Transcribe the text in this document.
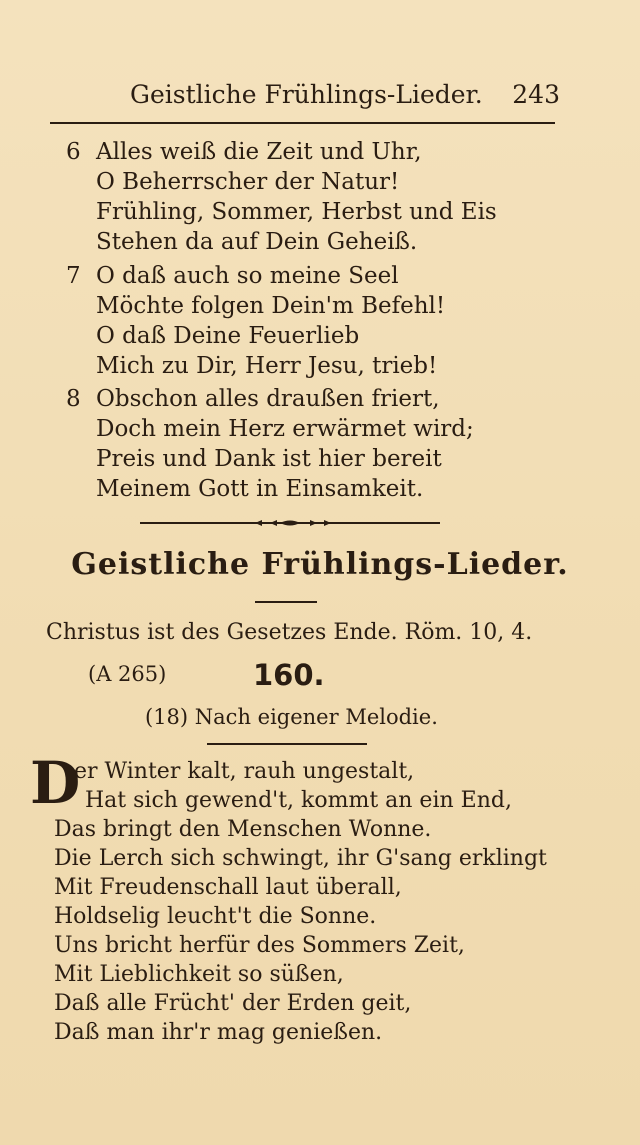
Geistliche Frühlings-Lieder. 243
6 Alles weiß die Zeit und Uhr,
O Beherrscher der Natur!
Frühling, Sommer, Herbst und Eis
Stehen da auf Dein Geheiß.
7 O daß auch so meine Seel
Möchte folgen Dein'm Befehl!
O daß Deine Feuerlieb
Mich zu Dir, Herr Jesu, trieb!
8 Obschon alles draußen friert,
Doch mein Herz erwärmet wird;
Preis und Dank ist hier bereit
Meinem Gott in Einsamkeit.
Geistliche Frühlings-Lieder.
Christus ist des Gesetzes Ende. Röm. 10, 4.
(A 265)	160.
(18) Nach eigener Melodie.
D
er Winter kalt, rauh ungestalt,
Hat sich gewend't, kommt an ein End,
Das bringt den Menschen Wonne.
Die Lerch sich schwingt, ihr G'sang erklingt
Mit Freudenschall laut überall,
Holdselig leucht't die Sonne.
Uns bricht herfür des Sommers Zeit,
Mit Lieblichkeit so süßen,
Daß alle Frücht' der Erden geit,
Daß man ihr'r mag genießen.
